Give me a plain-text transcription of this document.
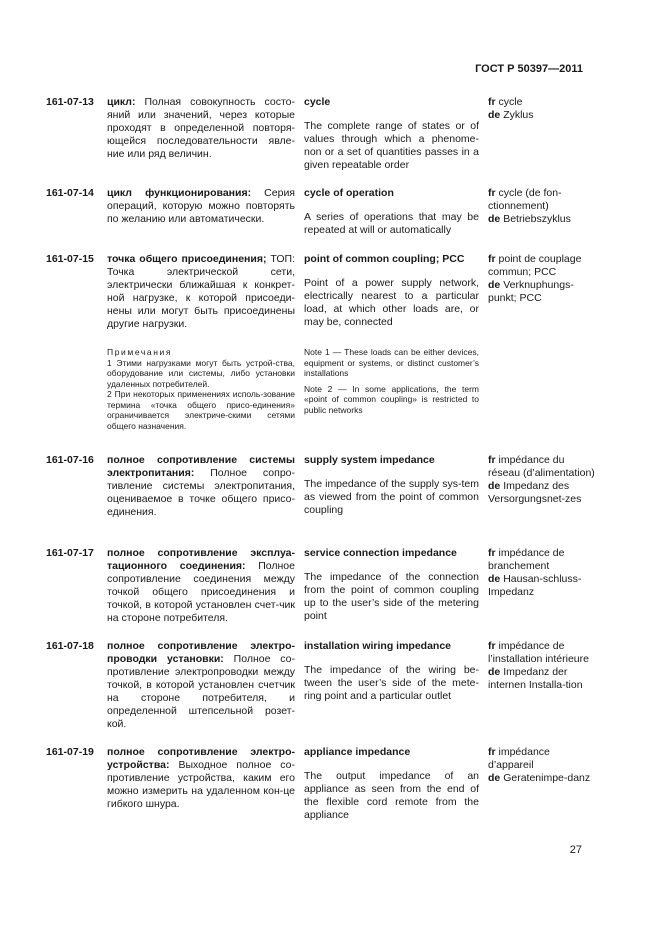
ГОСТ Р 50397—2011
161-07-13 цикл: Полная совокупность состо-яний или значений, через которые проходят в определенной повторя-ющейся последовательности явле-ние или ряд величин.
cycle
The complete range of states or of values through which a phenome-non or a set of quantities passes in a given repeatable order
fr cycle
de Zyklus
161-07-14 цикл функционирования: Серия операций, которую можно повторять по желанию или автоматически.
cycle of operation
A series of operations that may be repeated at will or automatically
fr cycle (de fon-ctionnement)
de Betriebszyklus
161-07-15 точка общего присоединения; ТОП: Точка электрической сети, электрически ближайшая к конкрет-ной нагрузке, к которой присоеди-нены или могут быть присоединены другие нагрузки.
point of common coupling; PCC
Point of a power supply network, electrically nearest to a particular load, at which other loads are, or may be, connected
fr point de couplage commun; PCC
de Verknuphungs-punkt; PCC
Примечания
1 Этими нагрузками могут быть устрой-ства, оборудование или системы, либо установки удаленных потребителей.
2 При некоторых применениях исполь-зование термина «точка общего присо-единения» ограничивается электриче-скими сетями общего назначения.

Note 1 — These loads can be either devices, equipment or systems, or distinct customer’s installations

Note 2 — In some applications, the term «point of common coupling» is restricted to public networks

161-07-16 полное сопротивление системы электропитания: Полное сопро-тивление системы электропитания, оцениваемое в точке общего присо-единения.
supply system impedance
The impedance of the supply sys-tem as viewed from the point of common coupling
fr impédance du réseau (d’alimentation)
de Impedanz des Versorgungsnet-zes
161-07-17 полное сопротивление эксплуа-тационного соединения: Полное сопротивление соединения между точкой общего присоединения и точкой, в которой установлен счет-чик на стороне потребителя.
service connection impedance
The impedance of the connection from the point of common coupling up to the user’s side of the metering point
fr impédance de branchement
de Hausan-schluss-Impedanz
161-07-18 полное сопротивление электро-проводки установки: Полное со-противление электропроводки между точкой, в которой установлен счетчик на стороне потребителя, и определенной штепсельной розет-кой.
installation wiring impedance
The impedance of the wiring be-tween the user’s side of the mete-ring point and a particular outlet
fr impédance de l’installation intérieure
de Impedanz der internen Installa-tion
161-07-19 полное сопротивление электро-устройства: Выходное полное со-противление устройства, каким его можно измерить на удаленном кон-це гибкого шнура.
appliance impedance
The output impedance of an appliance as seen from the end of the flexible cord remote from the appliance
fr impédance d’appareil
de Geratenimpe-danz
27
